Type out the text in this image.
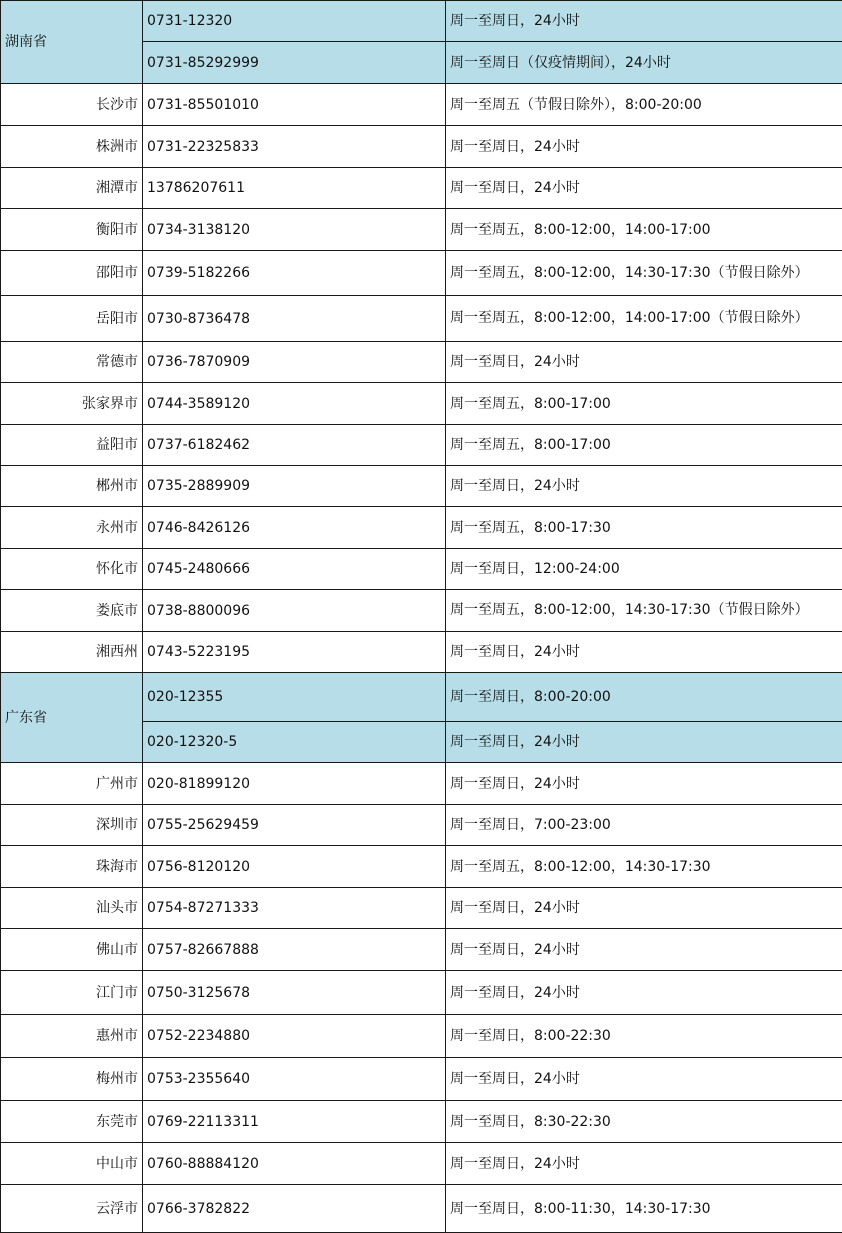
湖南省	0731-12320	周一至周日，24小时
	0731-85292999	周一至周日（仅疫情期间），24小时
长沙市	0731-85501010	周一至周五（节假日除外），8:00-20:00
株洲市	0731-22325833	周一至周日，24小时
湘潭市	13786207611	周一至周日，24小时
衡阳市	0734-3138120	周一至周五，8:00-12:00，14:00-17:00
邵阳市	0739-5182266	周一至周五，8:00-12:00，14:30-17:30（节假日除外）
岳阳市	0730-8736478	周一至周五，8:00-12:00，14:00-17:00（节假日除外）
常德市	0736-7870909	周一至周日，24小时
张家界市	0744-3589120	周一至周五，8:00-17:00
益阳市	0737-6182462	周一至周五，8:00-17:00
郴州市	0735-2889909	周一至周日，24小时
永州市	0746-8426126	周一至周五，8:00-17:30
怀化市	0745-2480666	周一至周日，12:00-24:00
娄底市	0738-8800096	周一至周五，8:00-12:00，14:30-17:30（节假日除外）
湘西州	0743-5223195	周一至周日，24小时
广东省	020-12355	周一至周日，8:00-20:00
	020-12320-5	周一至周日，24小时
广州市	020-81899120	周一至周日，24小时
深圳市	0755-25629459	周一至周日，7:00-23:00
珠海市	0756-8120120	周一至周五，8:00-12:00，14:30-17:30
汕头市	0754-87271333	周一至周日，24小时
佛山市	0757-82667888	周一至周日，24小时
江门市	0750-3125678	周一至周日，24小时
惠州市	0752-2234880	周一至周日，8:00-22:30
梅州市	0753-2355640	周一至周日，24小时
东莞市	0769-22113311	周一至周日，8:30-22:30
中山市	0760-88884120	周一至周日，24小时
云浮市	0766-3782822	周一至周日，8:00-11:30，14:30-17:30
